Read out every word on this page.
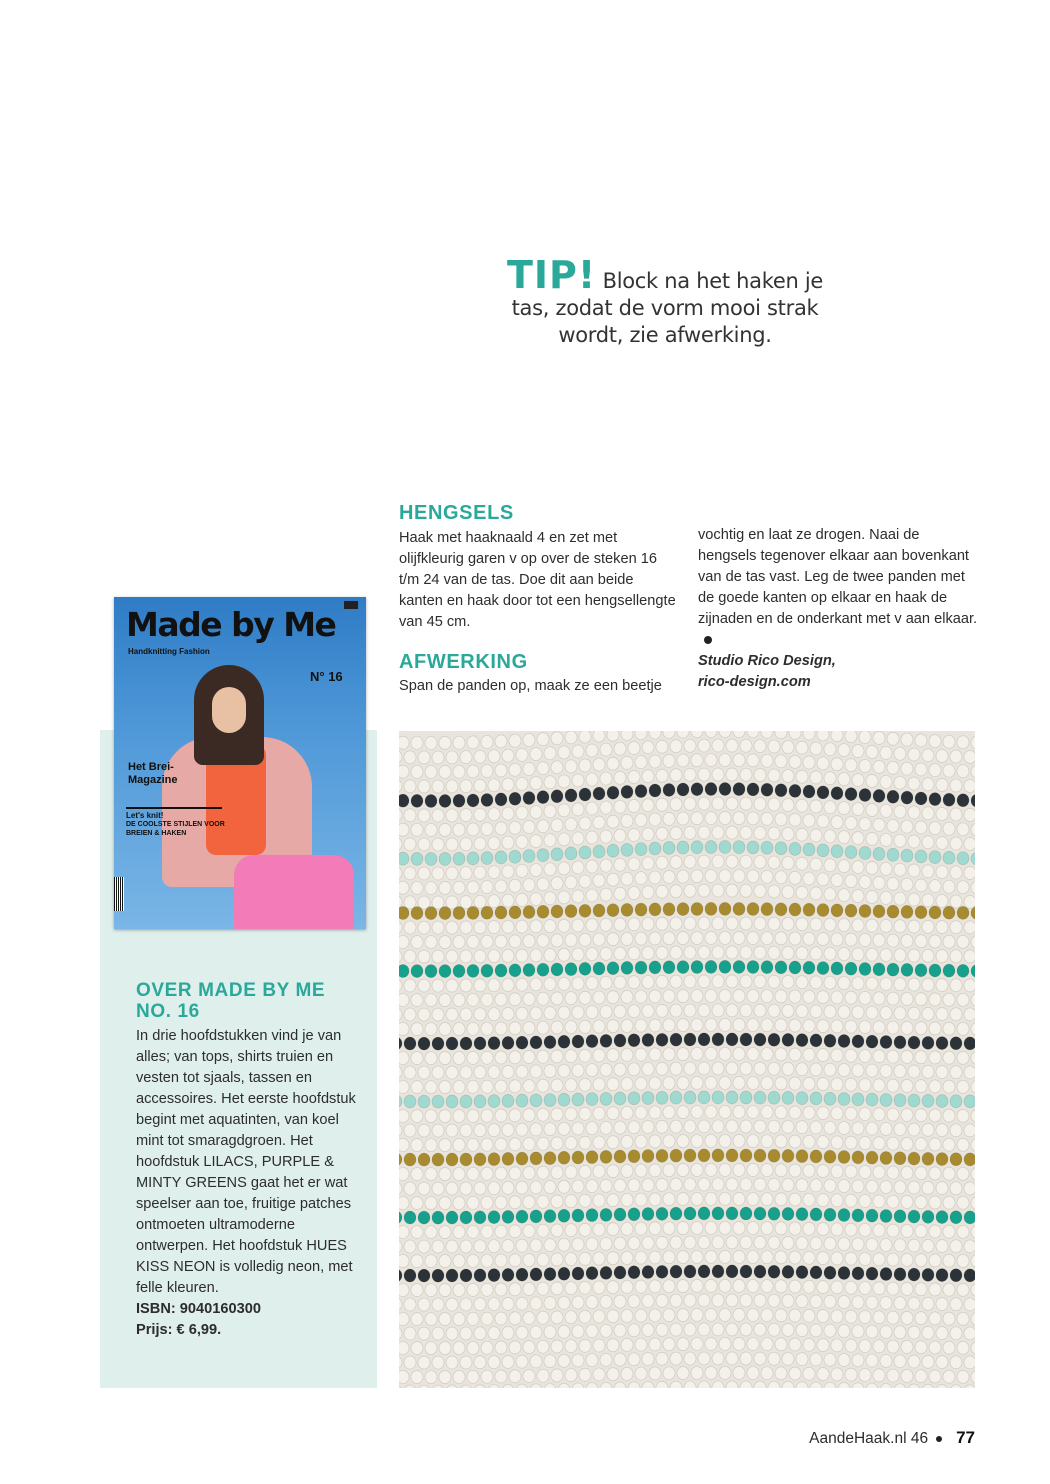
TIP! Block na het haken je tas, zodat de vorm mooi strak wordt, zie afwerking.
HENGSELS

Haak met haaknaald 4 en zet met olijfkleurig garen v op over de steken 16 t/m 24 van de tas. Doe dit aan beide kanten en haak door tot een hengsellengte van 45 cm.

AFWERKING

Span de panden op, maak ze een beetje

vochtig en laat ze drogen. Naai de hengsels tegenover elkaar aan bovenkant van de tas vast. Leg de twee panden met de goede kanten op elkaar en haak de zijnaden en de onderkant met v aan elkaar.

Studio Rico Design,

rico-design.com

Made by Me
Handknitting Fashion
N° 16
Het Brei-Magazine
Let's knit!
DE COOLSTE STIJLEN VOOR BREIEN & HAKEN
OVER MADE BY ME NO. 16

In drie hoofdstukken vind je van alles; van tops, shirts truien en vesten tot sjaals, tassen en accessoires. Het eerste hoofdstuk begint met aquatinten, van koel mint tot smaragdgroen. Het hoofdstuk LILACS, PURPLE & MINTY GREENS gaat het er wat speelser aan toe, fruitige patches ontmoeten ultramoderne ontwerpen. Het hoofdstuk HUES KISS NEON is volledig neon, met felle kleuren.

ISBN: 9040160300

Prijs: € 6,99.

AandeHaak.nl 46 77
